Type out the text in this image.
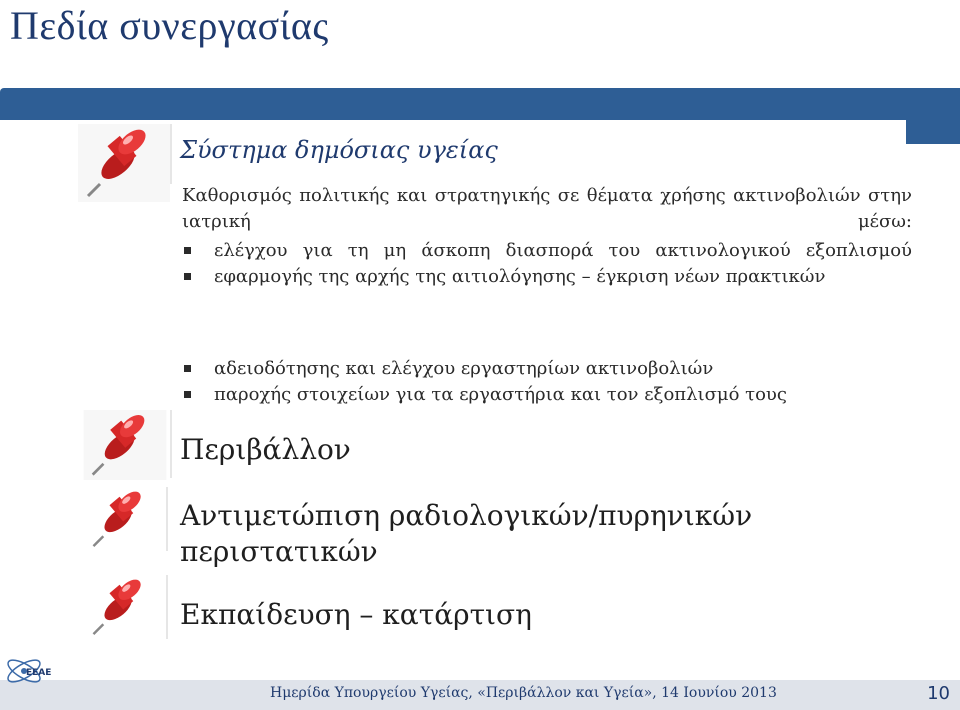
Πεδία συνεργασίας
Σύστημα δημόσιας υγείας
Καθορισμός πολιτικής και στρατηγικής σε θέματα χρήσης ακτινοβολιών στην ιατρική μέσω:
ελέγχου για τη μη άσκοπη διασπορά του ακτινολογικού εξοπλισμού
εφαρμογής της αρχής της αιτιολόγησης – έγκριση νέων πρακτικών
αδειοδότησης και ελέγχου εργαστηρίων ακτινοβολιών
παροχής στοιχείων για τα εργαστήρια και τον εξοπλισμό τους
Περιβάλλον
Αντιμετώπιση ραδιολογικών/πυρηνικών περιστατικών
Εκπαίδευση – κατάρτιση
ΕΕΑΕ
Ημερίδα Υπουργείου Υγείας, «Περιβάλλον και Υγεία», 14 Ιουνίου 2013	10
